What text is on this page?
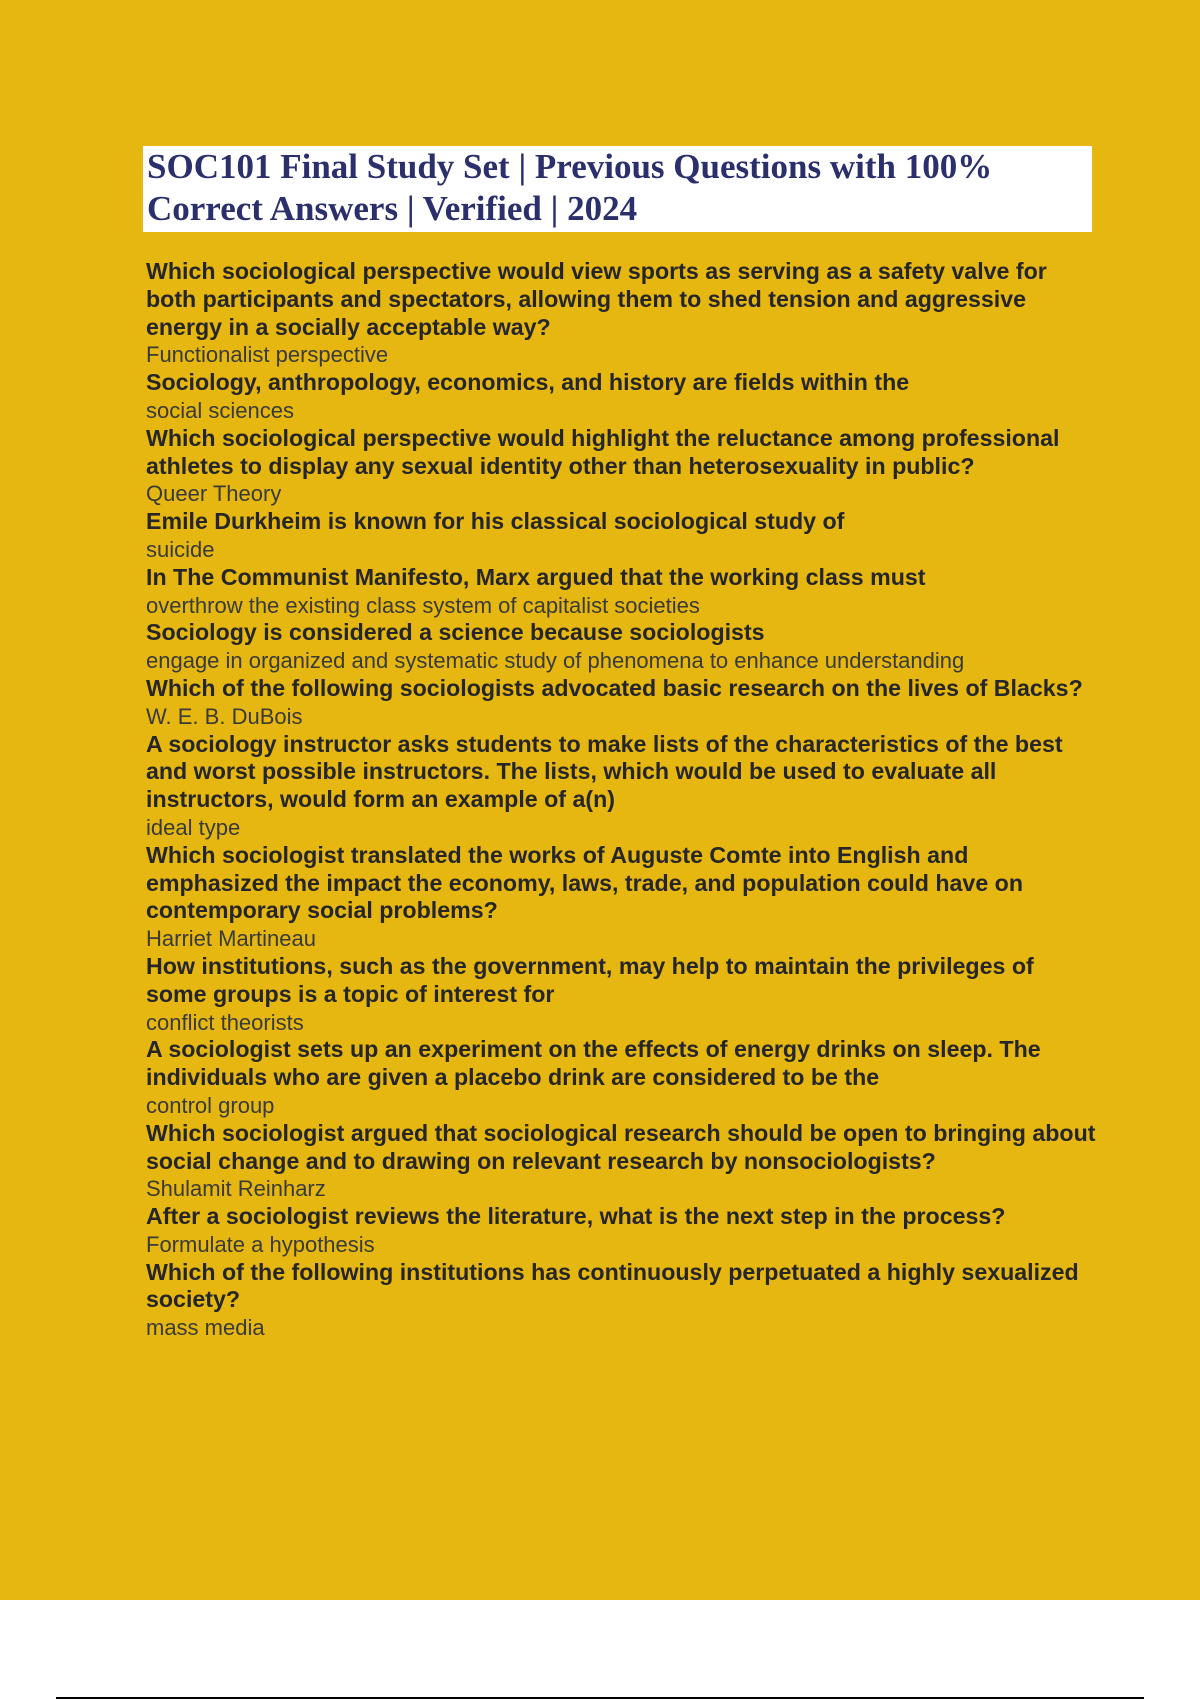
SOC101 Final Study Set | Previous Questions with 100%
Correct Answers | Verified | 2024

Which sociological perspective would view sports as serving as a safety valve for both participants and spectators, allowing them to shed tension and aggressive energy in a socially acceptable way?

Functionalist perspective

Sociology, anthropology, economics, and history are fields within the

social sciences

Which sociological perspective would highlight the reluctance among professional athletes to display any sexual identity other than heterosexuality in public?

Queer Theory

Emile Durkheim is known for his classical sociological study of

suicide

In The Communist Manifesto, Marx argued that the working class must

overthrow the existing class system of capitalist societies

Sociology is considered a science because sociologists

engage in organized and systematic study of phenomena to enhance understanding

Which of the following sociologists advocated basic research on the lives of Blacks?

W. E. B. DuBois

A sociology instructor asks students to make lists of the characteristics of the best and worst possible instructors. The lists, which would be used to evaluate all instructors, would form an example of a(n)

ideal type

Which sociologist translated the works of Auguste Comte into English and emphasized the impact the economy, laws, trade, and population could have on contemporary social problems?

Harriet Martineau

How institutions, such as the government, may help to maintain the privileges of some groups is a topic of interest for

conflict theorists

A sociologist sets up an experiment on the effects of energy drinks on sleep. The individuals who are given a placebo drink are considered to be the

control group

Which sociologist argued that sociological research should be open to bringing about social change and to drawing on relevant research by nonsociologists?

Shulamit Reinharz

After a sociologist reviews the literature, what is the next step in the process?

Formulate a hypothesis

Which of the following institutions has continuously perpetuated a highly sexualized society?

mass media
